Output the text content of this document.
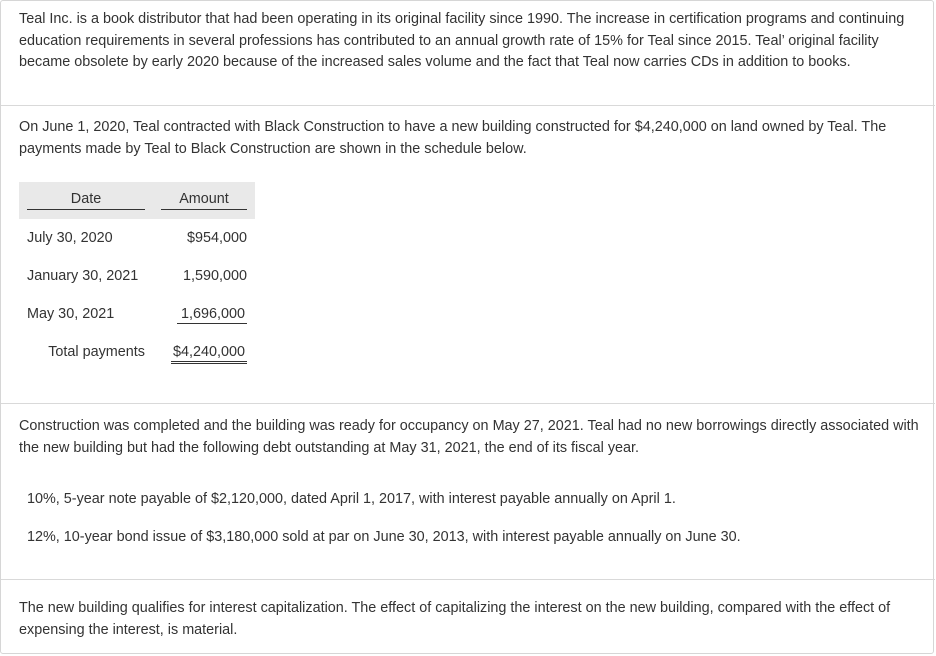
Teal Inc. is a book distributor that had been operating in its original facility since 1990. The increase in certification programs and continuing education requirements in several professions has contributed to an annual growth rate of 15% for Teal since 2015. Teal’ original facility became obsolete by early 2020 because of the increased sales volume and the fact that Teal now carries CDs in addition to books.

On June 1, 2020, Teal contracted with Black Construction to have a new building constructed for $4,240,000 on land owned by Teal. The payments made by Teal to Black Construction are shown in the schedule below.

Date	Amount
July 30, 2020	$954,000
January 30, 2021	1,590,000
May 30, 2021	1,696,000
Total payments	$4,240,000

Construction was completed and the building was ready for occupancy on May 27, 2021. Teal had no new borrowings directly associated with the new building but had the following debt outstanding at May 31, 2021, the end of its fiscal year.

10%, 5-year note payable of $2,120,000, dated April 1, 2017, with interest payable annually on April 1.

12%, 10-year bond issue of $3,180,000 sold at par on June 30, 2013, with interest payable annually on June 30.

The new building qualifies for interest capitalization. The effect of capitalizing the interest on the new building, compared with the effect of expensing the interest, is material.
